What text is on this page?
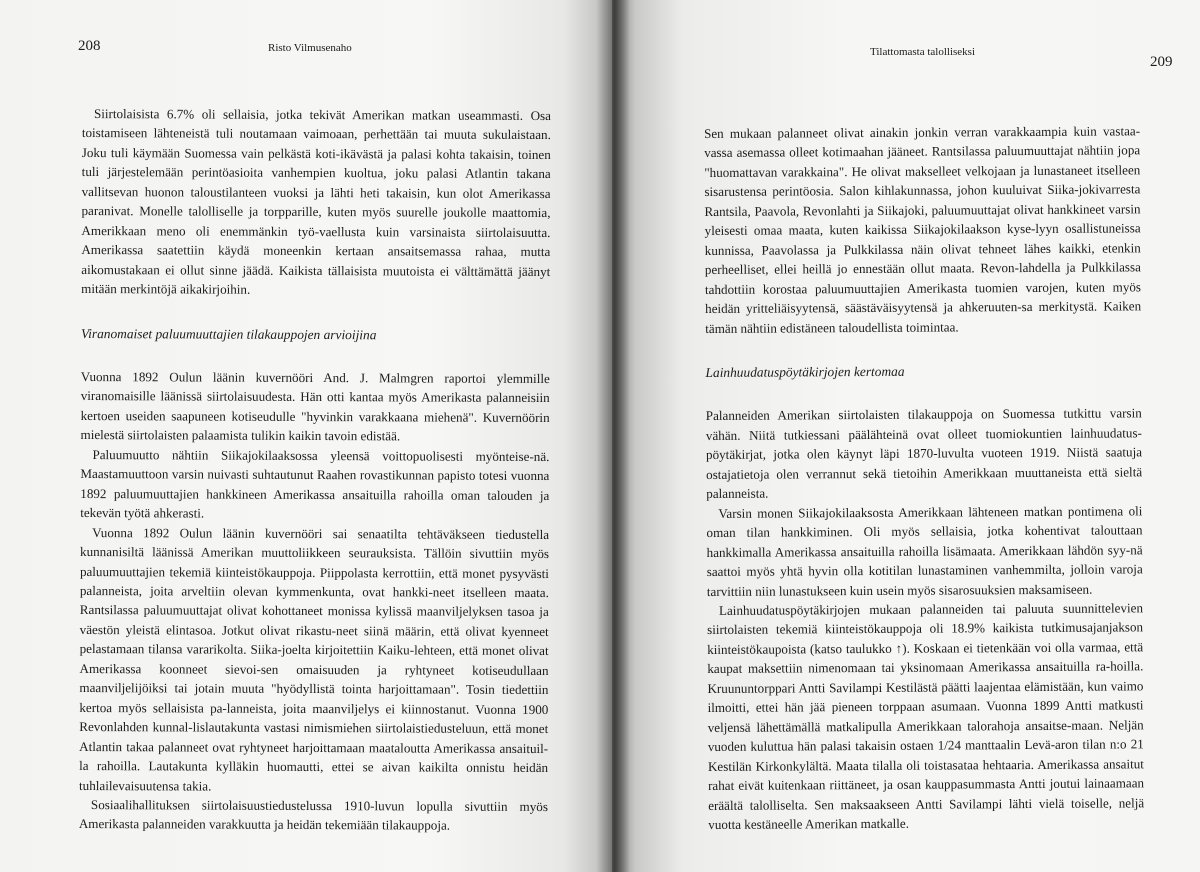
208	Risto Vilmusenaho

Siirtolaisista 6.7% oli sellaisia, jotka tekivät Amerikan matkan useammasti. Osa toistamiseen lähteneistä tuli noutamaan vaimoaan, perhettään tai muuta sukulaistaan. Joku tuli käymään Suomessa vain pelkästä koti-ikävästä ja palasi kohta takaisin, toinen tuli järjestelemään perintöasioita vanhempien kuoltua, joku palasi Atlantin takana vallitsevan huonon taloustilanteen vuoksi ja lähti heti takaisin, kun olot Amerikassa paranivat. Monelle talolliselle ja torpparille, kuten myös suurelle joukolle maattomia, Amerikkaan meno oli enemmänkin työ-vaellusta kuin varsinaista siirtolaisuutta. Amerikassa saatettiin käydä moneenkin kertaan ansaitsemassa rahaa, mutta aikomustakaan ei ollut sinne jäädä. Kaikista tällaisista muutoista ei välttämättä jäänyt mitään merkintöjä aikakirjoihin.

Viranomaiset paluumuuttajien tilakauppojen arvioijina

Vuonna 1892 Oulun läänin kuvernööri And. J. Malmgren raportoi ylemmille viranomaisille läänissä siirtolaisuudesta. Hän otti kantaa myös Amerikasta palanneisiin kertoen useiden saapuneen kotiseudulle "hyvinkin varakkaana miehenä". Kuvernöörin mielestä siirtolaisten palaamista tulikin kaikin tavoin edistää.

Paluumuutto nähtiin Siikajokilaaksossa yleensä voittopuolisesti myönteise-nä. Maastamuuttoon varsin nuivasti suhtautunut Raahen rovastikunnan papisto totesi vuonna 1892 paluumuuttajien hankkineen Amerikassa ansaituilla rahoilla oman talouden ja tekevän työtä ahkerasti.

Vuonna 1892 Oulun läänin kuvernööri sai senaatilta tehtäväkseen tiedustella kunnanisiltä läänissä Amerikan muuttoliikkeen seurauksista. Tällöin sivuttiin myös paluumuuttajien tekemiä kiinteistökauppoja. Piippolasta kerrottiin, että monet pysyvästi palanneista, joita arveltiin olevan kymmenkunta, ovat hankki-neet itselleen maata. Rantsilassa paluumuuttajat olivat kohottaneet monissa kylissä maanviljelyksen tasoa ja väestön yleistä elintasoa. Jotkut olivat rikastu-neet siinä määrin, että olivat kyenneet pelastamaan tilansa vararikolta. Siika-joelta kirjoitettiin Kaiku-lehteen, että monet olivat Amerikassa koonneet sievoi-sen omaisuuden ja ryhtyneet kotiseudullaan maanviljelijöiksi tai jotain muuta "hyödyllistä tointa harjoittamaan". Tosin tiedettiin kertoa myös sellaisista pa-lanneista, joita maanviljelys ei kiinnostanut. Vuonna 1900 Revonlahden kunnal-lislautakunta vastasi nimismiehen siirtolaistiedusteluun, että monet Atlantin takaa palanneet ovat ryhtyneet harjoittamaan maataloutta Amerikassa ansaituil-la rahoilla. Lautakunta kylläkin huomautti, ettei se aivan kaikilta onnistu heidän tuhlailevaisuutensa takia.

Sosiaalihallituksen siirtolaisuustiedustelussa 1910-luvun lopulla sivuttiin myös Amerikasta palanneiden varakkuutta ja heidän tekemiään tilakauppoja.

Tilattomasta talolliseksi
209

Sen mukaan palanneet olivat ainakin jonkin verran varakkaampia kuin vastaa-vassa asemassa olleet kotimaahan jääneet. Rantsilassa paluumuuttajat nähtiin jopa "huomattavan varakkaina". He olivat makselleet velkojaan ja lunastaneet itselleen sisarustensa perintöosia. Salon kihlakunnassa, johon kuuluivat Siika-jokivarresta Rantsila, Paavola, Revonlahti ja Siikajoki, paluumuuttajat olivat hankkineet varsin yleisesti omaa maata, kuten kaikissa Siikajokilaakson kyse-lyyn osallistuneissa kunnissa, Paavolassa ja Pulkkilassa näin olivat tehneet lähes kaikki, etenkin perheelliset, ellei heillä jo ennestään ollut maata. Revon-lahdella ja Pulkkilassa tahdottiin korostaa paluumuuttajien Amerikasta tuomien varojen, kuten myös heidän yritteliäisyytensä, säästäväisyytensä ja ahkeruuten-sa merkitystä. Kaiken tämän nähtiin edistäneen taloudellista toimintaa.

Lainhuudatuspöytäkirjojen kertomaa

Palanneiden Amerikan siirtolaisten tilakauppoja on Suomessa tutkittu varsin vähän. Niitä tutkiessani päälähteinä ovat olleet tuomiokuntien lainhuudatus-pöytäkirjat, jotka olen käynyt läpi 1870-luvulta vuoteen 1919. Niistä saatuja ostajatietoja olen verrannut sekä tietoihin Amerikkaan muuttaneista että sieltä palanneista.

Varsin monen Siikajokilaaksosta Amerikkaan lähteneen matkan pontimena oli oman tilan hankkiminen. Oli myös sellaisia, jotka kohentivat talouttaan hankkimalla Amerikassa ansaituilla rahoilla lisämaata. Amerikkaan lähdön syy-nä saattoi myös yhtä hyvin olla kotitilan lunastaminen vanhemmilta, jolloin varoja tarvittiin niin lunastukseen kuin usein myös sisarosuuksien maksamiseen.

Lainhuudatuspöytäkirjojen mukaan palanneiden tai paluuta suunnittelevien siirtolaisten tekemiä kiinteistökauppoja oli 18.9% kaikista tutkimusajanjakson kiinteistökaupoista (katso taulukko ↑). Koskaan ei tietenkään voi olla varmaa, että kaupat maksettiin nimenomaan tai yksinomaan Amerikassa ansaituilla ra-hoilla. Kruununtorppari Antti Savilampi Kestilästä päätti laajentaa elämistään, kun vaimo ilmoitti, ettei hän jää pieneen torppaan asumaan. Vuonna 1899 Antti matkusti veljensä lähettämällä matkalipulla Amerikkaan talorahoja ansaitse-maan. Neljän vuoden kuluttua hän palasi takaisin ostaen 1/24 manttaalin Levä-aron tilan n:o 21 Kestilän Kirkonkylältä. Maata tilalla oli toistasataa hehtaaria. Amerikassa ansaitut rahat eivät kuitenkaan riittäneet, ja osan kauppasummasta Antti joutui lainaamaan eräältä talolliselta. Sen maksaakseen Antti Savilampi lähti vielä toiselle, neljä vuotta kestäneelle Amerikan matkalle.
